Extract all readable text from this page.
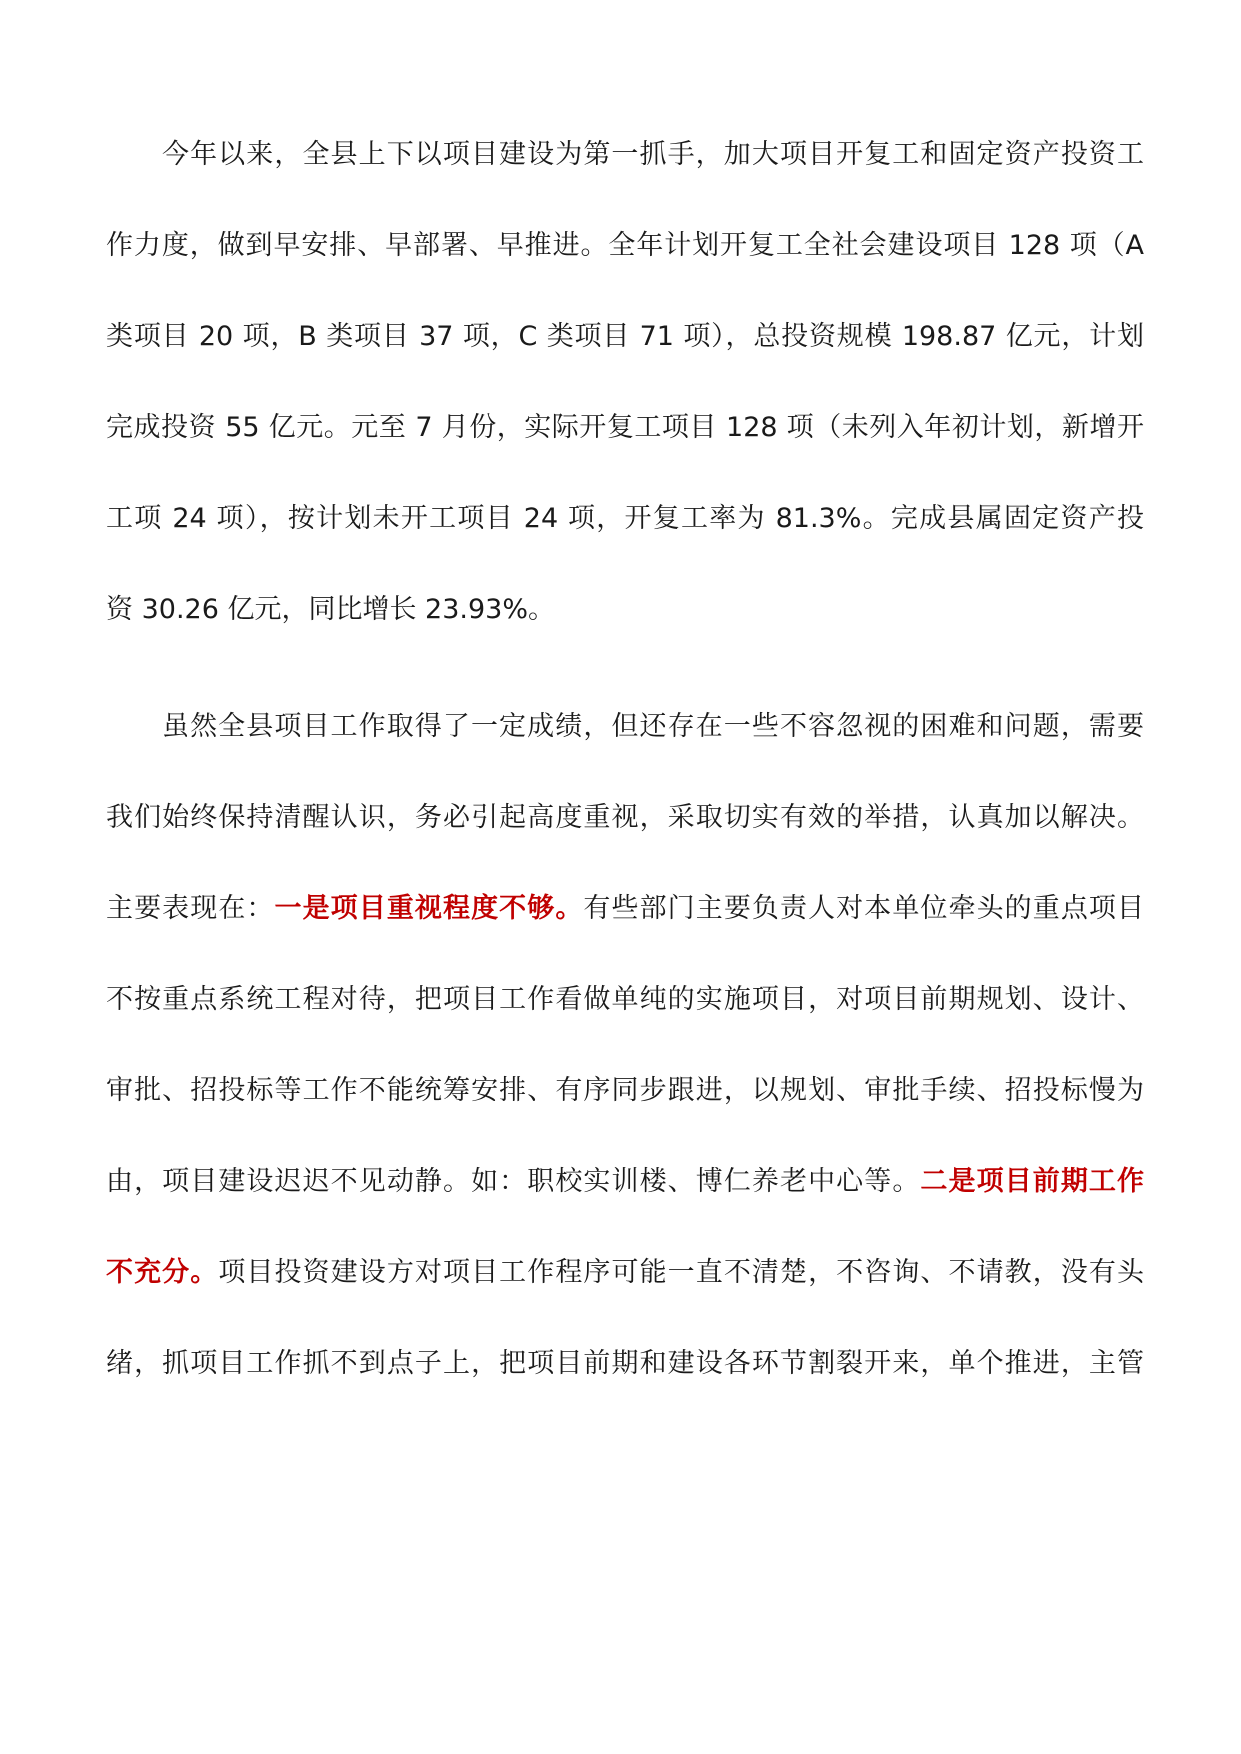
今年以来，全县上下以项目建设为第一抓手，加大项目开复工和固定资产投资工
作力度，做到早安排、早部署、早推进。全年计划开复工全社会建设项目 128 项（A
类项目 20 项，B 类项目 37 项，C 类项目 71 项），总投资规模 198.87 亿元，计划
完成投资 55 亿元。元至 7 月份，实际开复工项目 128 项（未列入年初计划，新增开
工项 24 项），按计划未开工项目 24 项，开复工率为 81.3%。完成县属固定资产投
资 30.26 亿元，同比增长 23.93%。
虽然全县项目工作取得了一定成绩，但还存在一些不容忽视的困难和问题，需要
我们始终保持清醒认识，务必引起高度重视，采取切实有效的举措，认真加以解决。
主要表现在：一是项目重视程度不够。有些部门主要负责人对本单位牵头的重点项目
不按重点系统工程对待，把项目工作看做单纯的实施项目，对项目前期规划、设计、
审批、招投标等工作不能统筹安排、有序同步跟进，以规划、审批手续、招投标慢为
由，项目建设迟迟不见动静。如：职校实训楼、博仁养老中心等。二是项目前期工作
不充分。项目投资建设方对项目工作程序可能一直不清楚，不咨询、不请教，没有头
绪，抓项目工作抓不到点子上，把项目前期和建设各环节割裂开来，单个推进，主管
